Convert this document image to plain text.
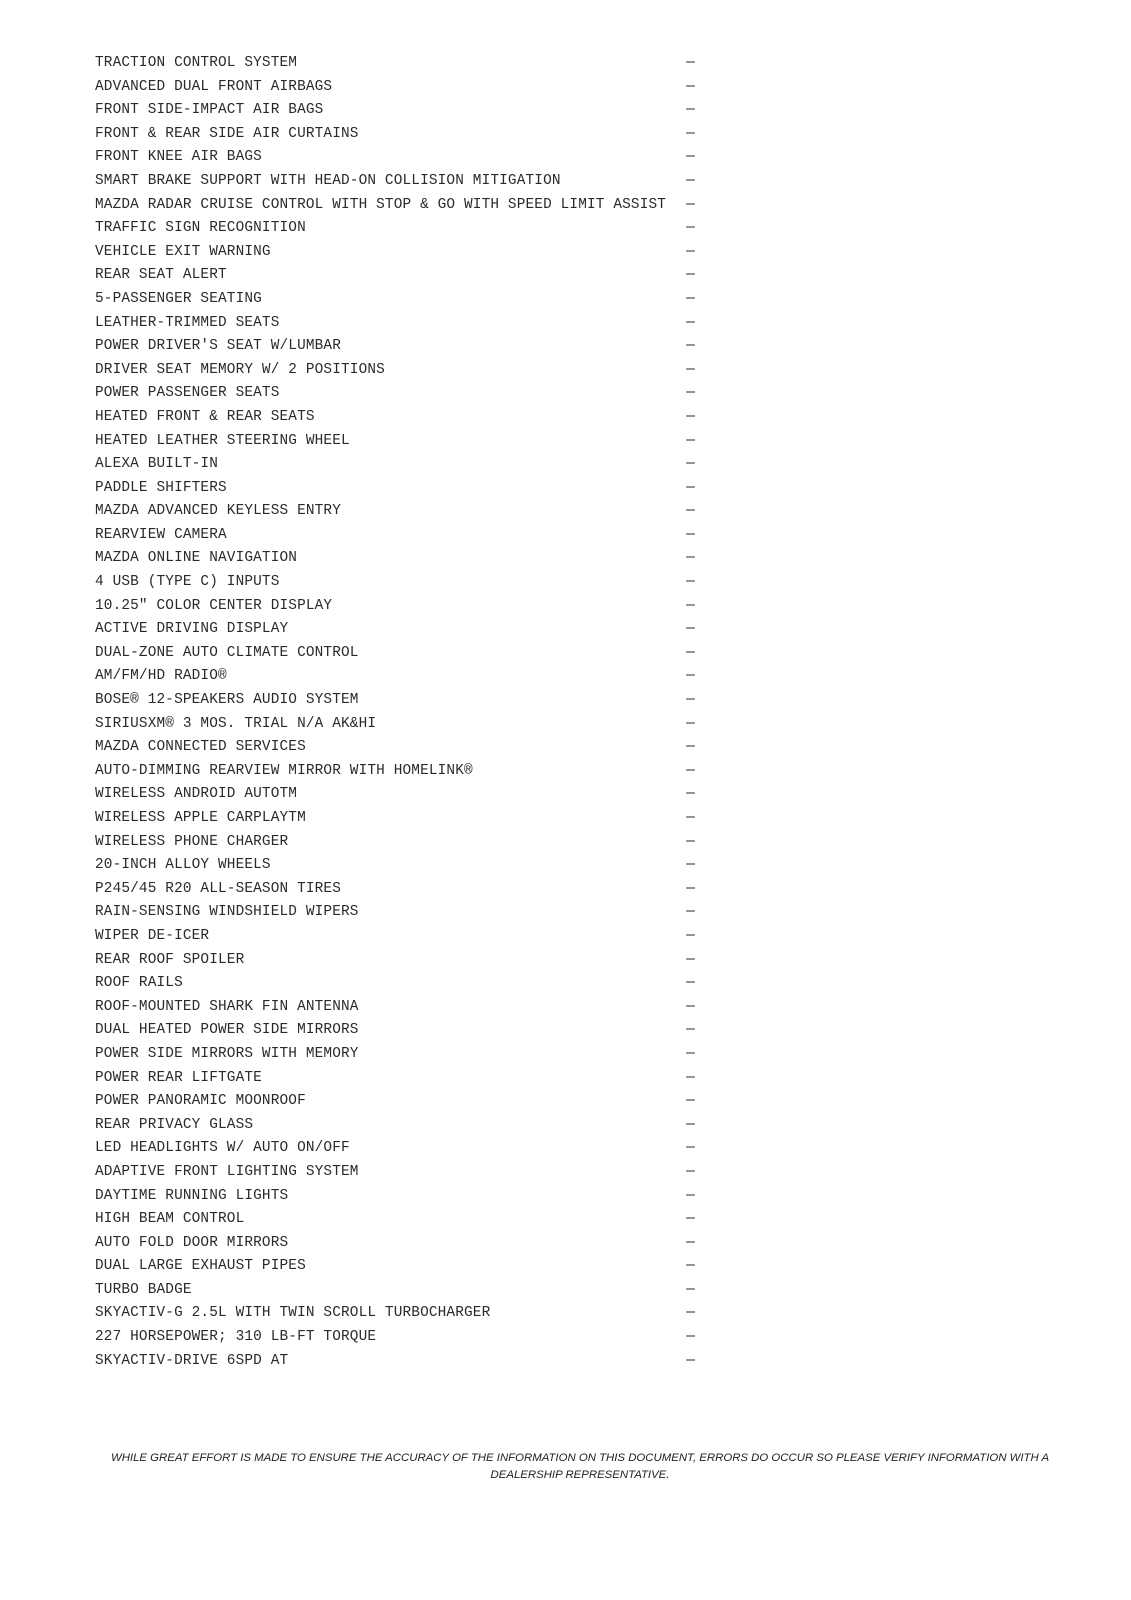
TRACTION CONTROL SYSTEM	—
ADVANCED DUAL FRONT AIRBAGS	—
FRONT SIDE-IMPACT AIR BAGS	—
FRONT & REAR SIDE AIR CURTAINS	—
FRONT KNEE AIR BAGS	—
SMART BRAKE SUPPORT WITH HEAD-ON COLLISION MITIGATION	—
MAZDA RADAR CRUISE CONTROL WITH STOP & GO WITH SPEED LIMIT ASSIST	—
TRAFFIC SIGN RECOGNITION	—
VEHICLE EXIT WARNING	—
REAR SEAT ALERT	—
5-PASSENGER SEATING	—
LEATHER-TRIMMED SEATS	—
POWER DRIVER'S SEAT W/LUMBAR	—
DRIVER SEAT MEMORY W/ 2 POSITIONS	—
POWER PASSENGER SEATS	—
HEATED FRONT & REAR SEATS	—
HEATED LEATHER STEERING WHEEL	—
ALEXA BUILT-IN	—
PADDLE SHIFTERS	—
MAZDA ADVANCED KEYLESS ENTRY	—
REARVIEW CAMERA	—
MAZDA ONLINE NAVIGATION	—
4 USB (TYPE C) INPUTS	—
10.25" COLOR CENTER DISPLAY	—
ACTIVE DRIVING DISPLAY	—
DUAL-ZONE AUTO CLIMATE CONTROL	—
AM/FM/HD RADIO®	—
BOSE® 12-SPEAKERS AUDIO SYSTEM	—
SIRIUSXM® 3 MOS. TRIAL N/A AK&HI	—
MAZDA CONNECTED SERVICES	—
AUTO-DIMMING REARVIEW MIRROR WITH HOMELINK®	—
WIRELESS ANDROID AUTOTM	—
WIRELESS APPLE CARPLAYTM	—
WIRELESS PHONE CHARGER	—
20-INCH ALLOY WHEELS	—
P245/45 R20 ALL-SEASON TIRES	—
RAIN-SENSING WINDSHIELD WIPERS	—
WIPER DE-ICER	—
REAR ROOF SPOILER	—
ROOF RAILS	—
ROOF-MOUNTED SHARK FIN ANTENNA	—
DUAL HEATED POWER SIDE MIRRORS	—
POWER SIDE MIRRORS WITH MEMORY	—
POWER REAR LIFTGATE	—
POWER PANORAMIC MOONROOF	—
REAR PRIVACY GLASS	—
LED HEADLIGHTS W/ AUTO ON/OFF	—
ADAPTIVE FRONT LIGHTING SYSTEM	—
DAYTIME RUNNING LIGHTS	—
HIGH BEAM CONTROL	—
AUTO FOLD DOOR MIRRORS	—
DUAL LARGE EXHAUST PIPES	—
TURBO BADGE	—
SKYACTIV-G 2.5L WITH TWIN SCROLL TURBOCHARGER	—
227 HORSEPOWER; 310 LB-FT TORQUE	—
SKYACTIV-DRIVE 6SPD AT	—

WHILE GREAT EFFORT IS MADE TO ENSURE THE ACCURACY OF THE INFORMATION ON THIS DOCUMENT, ERRORS DO OCCUR SO PLEASE VERIFY INFORMATION WITH A DEALERSHIP REPRESENTATIVE.
